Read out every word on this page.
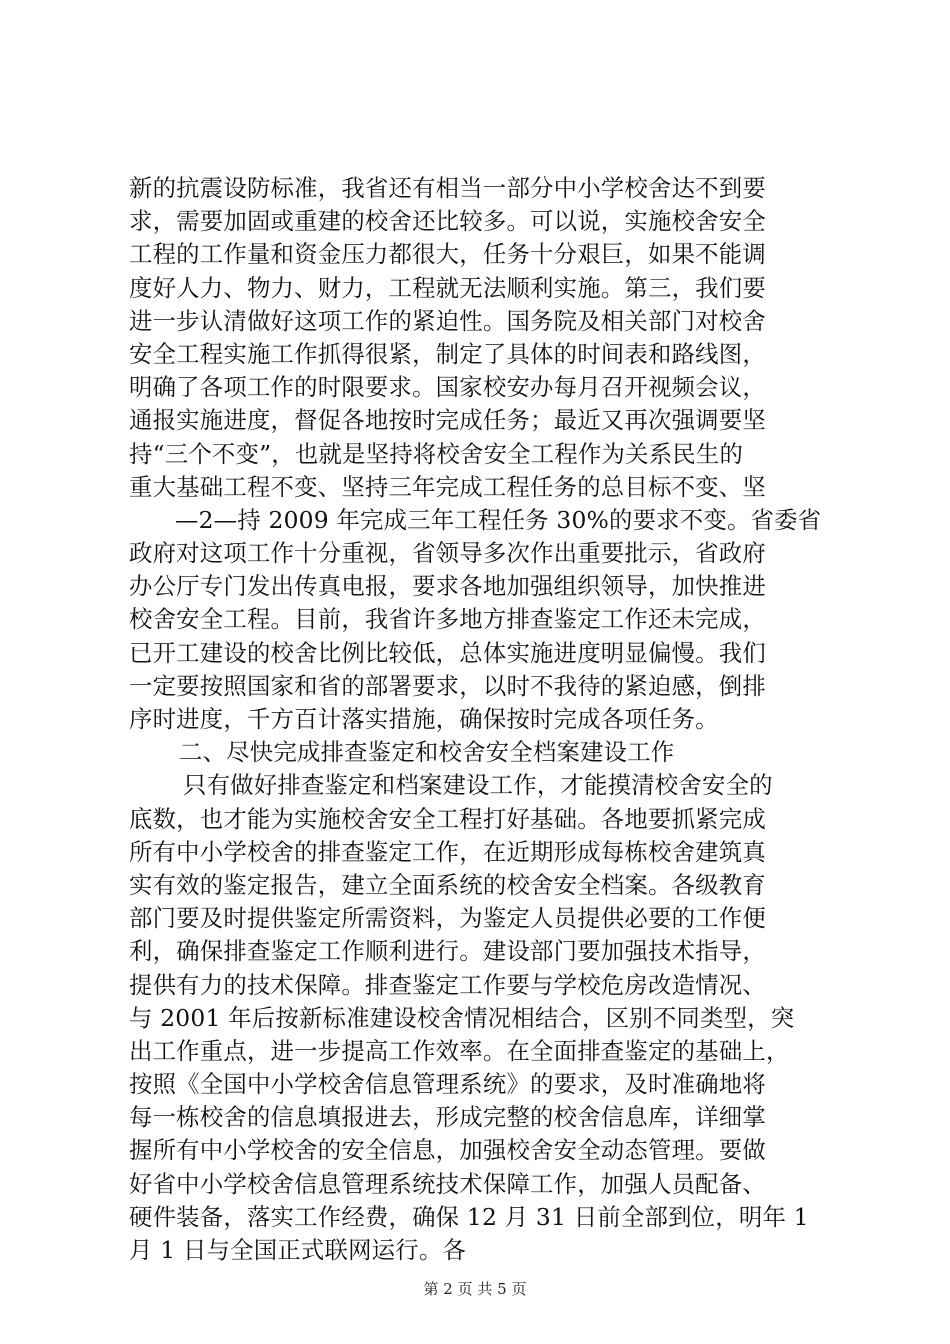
新的抗震设防标准，我省还有相当一部分中小学校舍达不到要
求，需要加固或重建的校舍还比较多。可以说，实施校舍安全
工程的工作量和资金压力都很大，任务十分艰巨，如果不能调
度好人力、物力、财力，工程就无法顺利实施。第三，我们要
进一步认清做好这项工作的紧迫性。国务院及相关部门对校舍
安全工程实施工作抓得很紧，制定了具体的时间表和路线图，
明确了各项工作的时限要求。国家校安办每月召开视频会议，
通报实施进度，督促各地按时完成任务；最近又再次强调要坚
持“三个不变”，也就是坚持将校舍安全工程作为关系民生的
重大基础工程不变、坚持三年完成工程任务的总目标不变、坚
—2—持 2009 年完成三年工程任务 30%的要求不变。省委省
政府对这项工作十分重视，省领导多次作出重要批示，省政府
办公厅专门发出传真电报，要求各地加强组织领导，加快推进
校舍安全工程。目前，我省许多地方排查鉴定工作还未完成，
已开工建设的校舍比例比较低，总体实施进度明显偏慢。我们
一定要按照国家和省的部署要求，以时不我待的紧迫感，倒排
序时进度，千方百计落实措施，确保按时完成各项任务。
二、尽快完成排查鉴定和校舍安全档案建设工作
只有做好排查鉴定和档案建设工作，才能摸清校舍安全的
底数，也才能为实施校舍安全工程打好基础。各地要抓紧完成
所有中小学校舍的排查鉴定工作，在近期形成每栋校舍建筑真
实有效的鉴定报告，建立全面系统的校舍安全档案。各级教育
部门要及时提供鉴定所需资料，为鉴定人员提供必要的工作便
利，确保排查鉴定工作顺利进行。建设部门要加强技术指导，
提供有力的技术保障。排查鉴定工作要与学校危房改造情况、
与 2001 年后按新标准建设校舍情况相结合，区别不同类型，突
出工作重点，进一步提高工作效率。在全面排查鉴定的基础上，
按照《全国中小学校舍信息管理系统》的要求，及时准确地将
每一栋校舍的信息填报进去，形成完整的校舍信息库，详细掌
握所有中小学校舍的安全信息，加强校舍安全动态管理。要做
好省中小学校舍信息管理系统技术保障工作，加强人员配备、
硬件装备，落实工作经费，确保 12 月 31 日前全部到位，明年 1
月 1 日与全国正式联网运行。各
第 2 页 共 5 页
